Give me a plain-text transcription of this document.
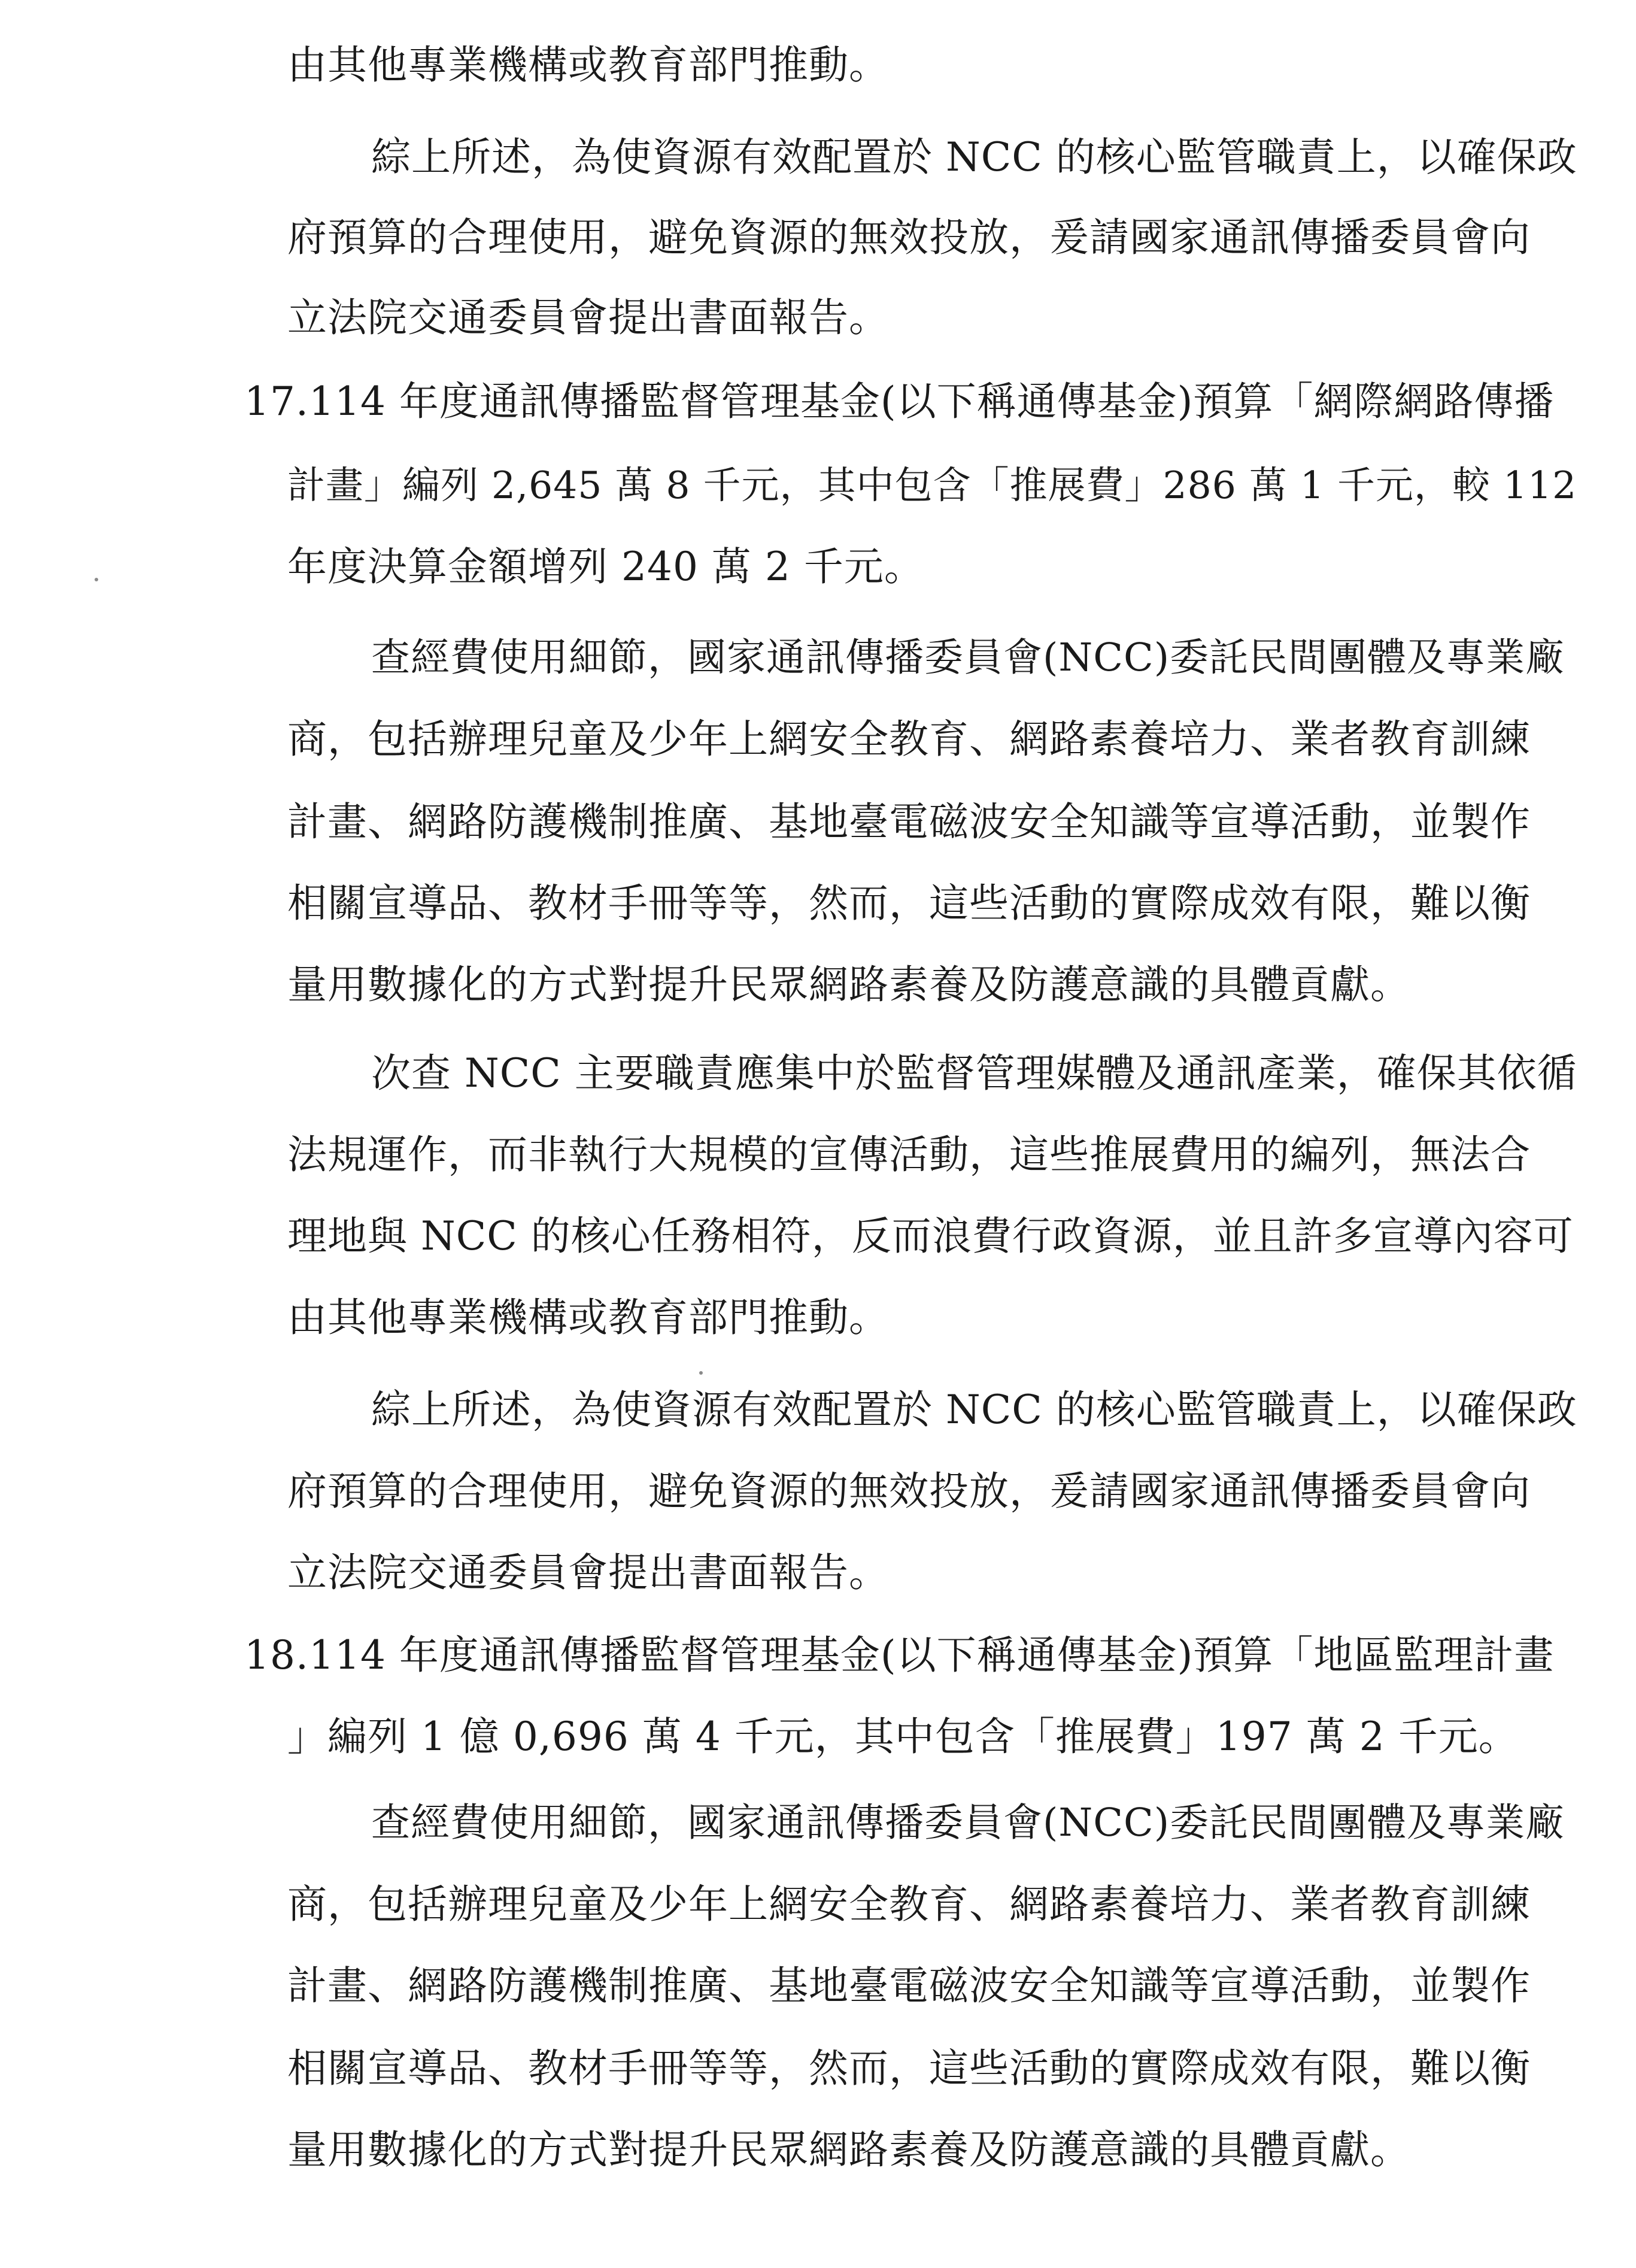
由其他專業機構或教育部門推動。
綜上所述，為使資源有效配置於 NCC 的核心監管職責上，以確保政
府預算的合理使用，避免資源的無效投放，爰請國家通訊傳播委員會向
立法院交通委員會提出書面報告。
17.114 年度通訊傳播監督管理基金(以下稱通傳基金)預算「網際網路傳播
計畫」編列 2,645 萬 8 千元，其中包含「推展費」286 萬 1 千元，較 112
年度決算金額增列 240 萬 2 千元。
查經費使用細節，國家通訊傳播委員會(NCC)委託民間團體及專業廠
商，包括辦理兒童及少年上網安全教育、網路素養培力、業者教育訓練
計畫、網路防護機制推廣、基地臺電磁波安全知識等宣導活動，並製作
相關宣導品、教材手冊等等，然而，這些活動的實際成效有限，難以衡
量用數據化的方式對提升民眾網路素養及防護意識的具體貢獻。
次查 NCC 主要職責應集中於監督管理媒體及通訊產業，確保其依循
法規運作，而非執行大規模的宣傳活動，這些推展費用的編列，無法合
理地與 NCC 的核心任務相符，反而浪費行政資源，並且許多宣導內容可
由其他專業機構或教育部門推動。
綜上所述，為使資源有效配置於 NCC 的核心監管職責上，以確保政
府預算的合理使用，避免資源的無效投放，爰請國家通訊傳播委員會向
立法院交通委員會提出書面報告。
18.114 年度通訊傳播監督管理基金(以下稱通傳基金)預算「地區監理計畫
」編列 1 億 0,696 萬 4 千元，其中包含「推展費」197 萬 2 千元。
查經費使用細節，國家通訊傳播委員會(NCC)委託民間團體及專業廠
商，包括辦理兒童及少年上網安全教育、網路素養培力、業者教育訓練
計畫、網路防護機制推廣、基地臺電磁波安全知識等宣導活動，並製作
相關宣導品、教材手冊等等，然而，這些活動的實際成效有限，難以衡
量用數據化的方式對提升民眾網路素養及防護意識的具體貢獻。
